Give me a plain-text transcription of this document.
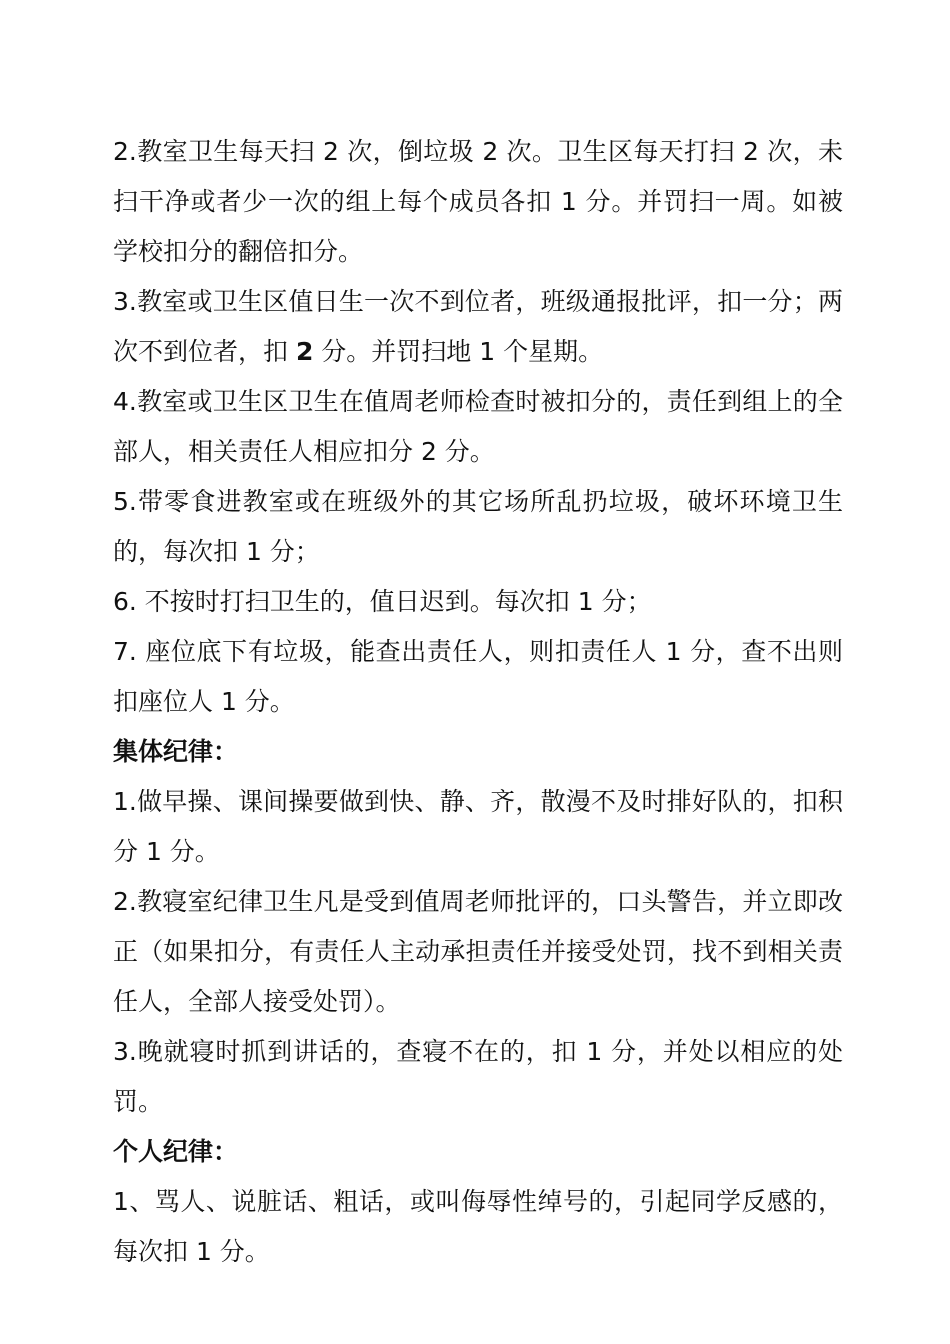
2.教室卫生每天扫 2 次，倒垃圾 2 次。卫生区每天打扫 2 次，未扫干净或者少一次的组上每个成员各扣 1 分。并罚扫一周。如被学校扣分的翻倍扣分。

3.教室或卫生区值日生一次不到位者，班级通报批评，扣一分；两次不到位者，扣 2 分。并罚扫地 1 个星期。

4.教室或卫生区卫生在值周老师检查时被扣分的，责任到组上的全部人，相关责任人相应扣分 2 分。

5.带零食进教室或在班级外的其它场所乱扔垃圾，破坏环境卫生的，每次扣 1 分；

6. 不按时打扫卫生的，值日迟到。每次扣 1 分；

7. 座位底下有垃圾，能查出责任人，则扣责任人 1 分，查不出则扣座位人 1 分。

集体纪律：

1.做早操、课间操要做到快、静、齐，散漫不及时排好队的，扣积分 1 分。

2.教寝室纪律卫生凡是受到值周老师批评的，口头警告，并立即改正（如果扣分，有责任人主动承担责任并接受处罚，找不到相关责任人，全部人接受处罚）。

3.晚就寝时抓到讲话的，查寝不在的，扣 1 分，并处以相应的处罚。

个人纪律：

1、骂人、说脏话、粗话，或叫侮辱性绰号的，引起同学反感的，每次扣 1 分。
